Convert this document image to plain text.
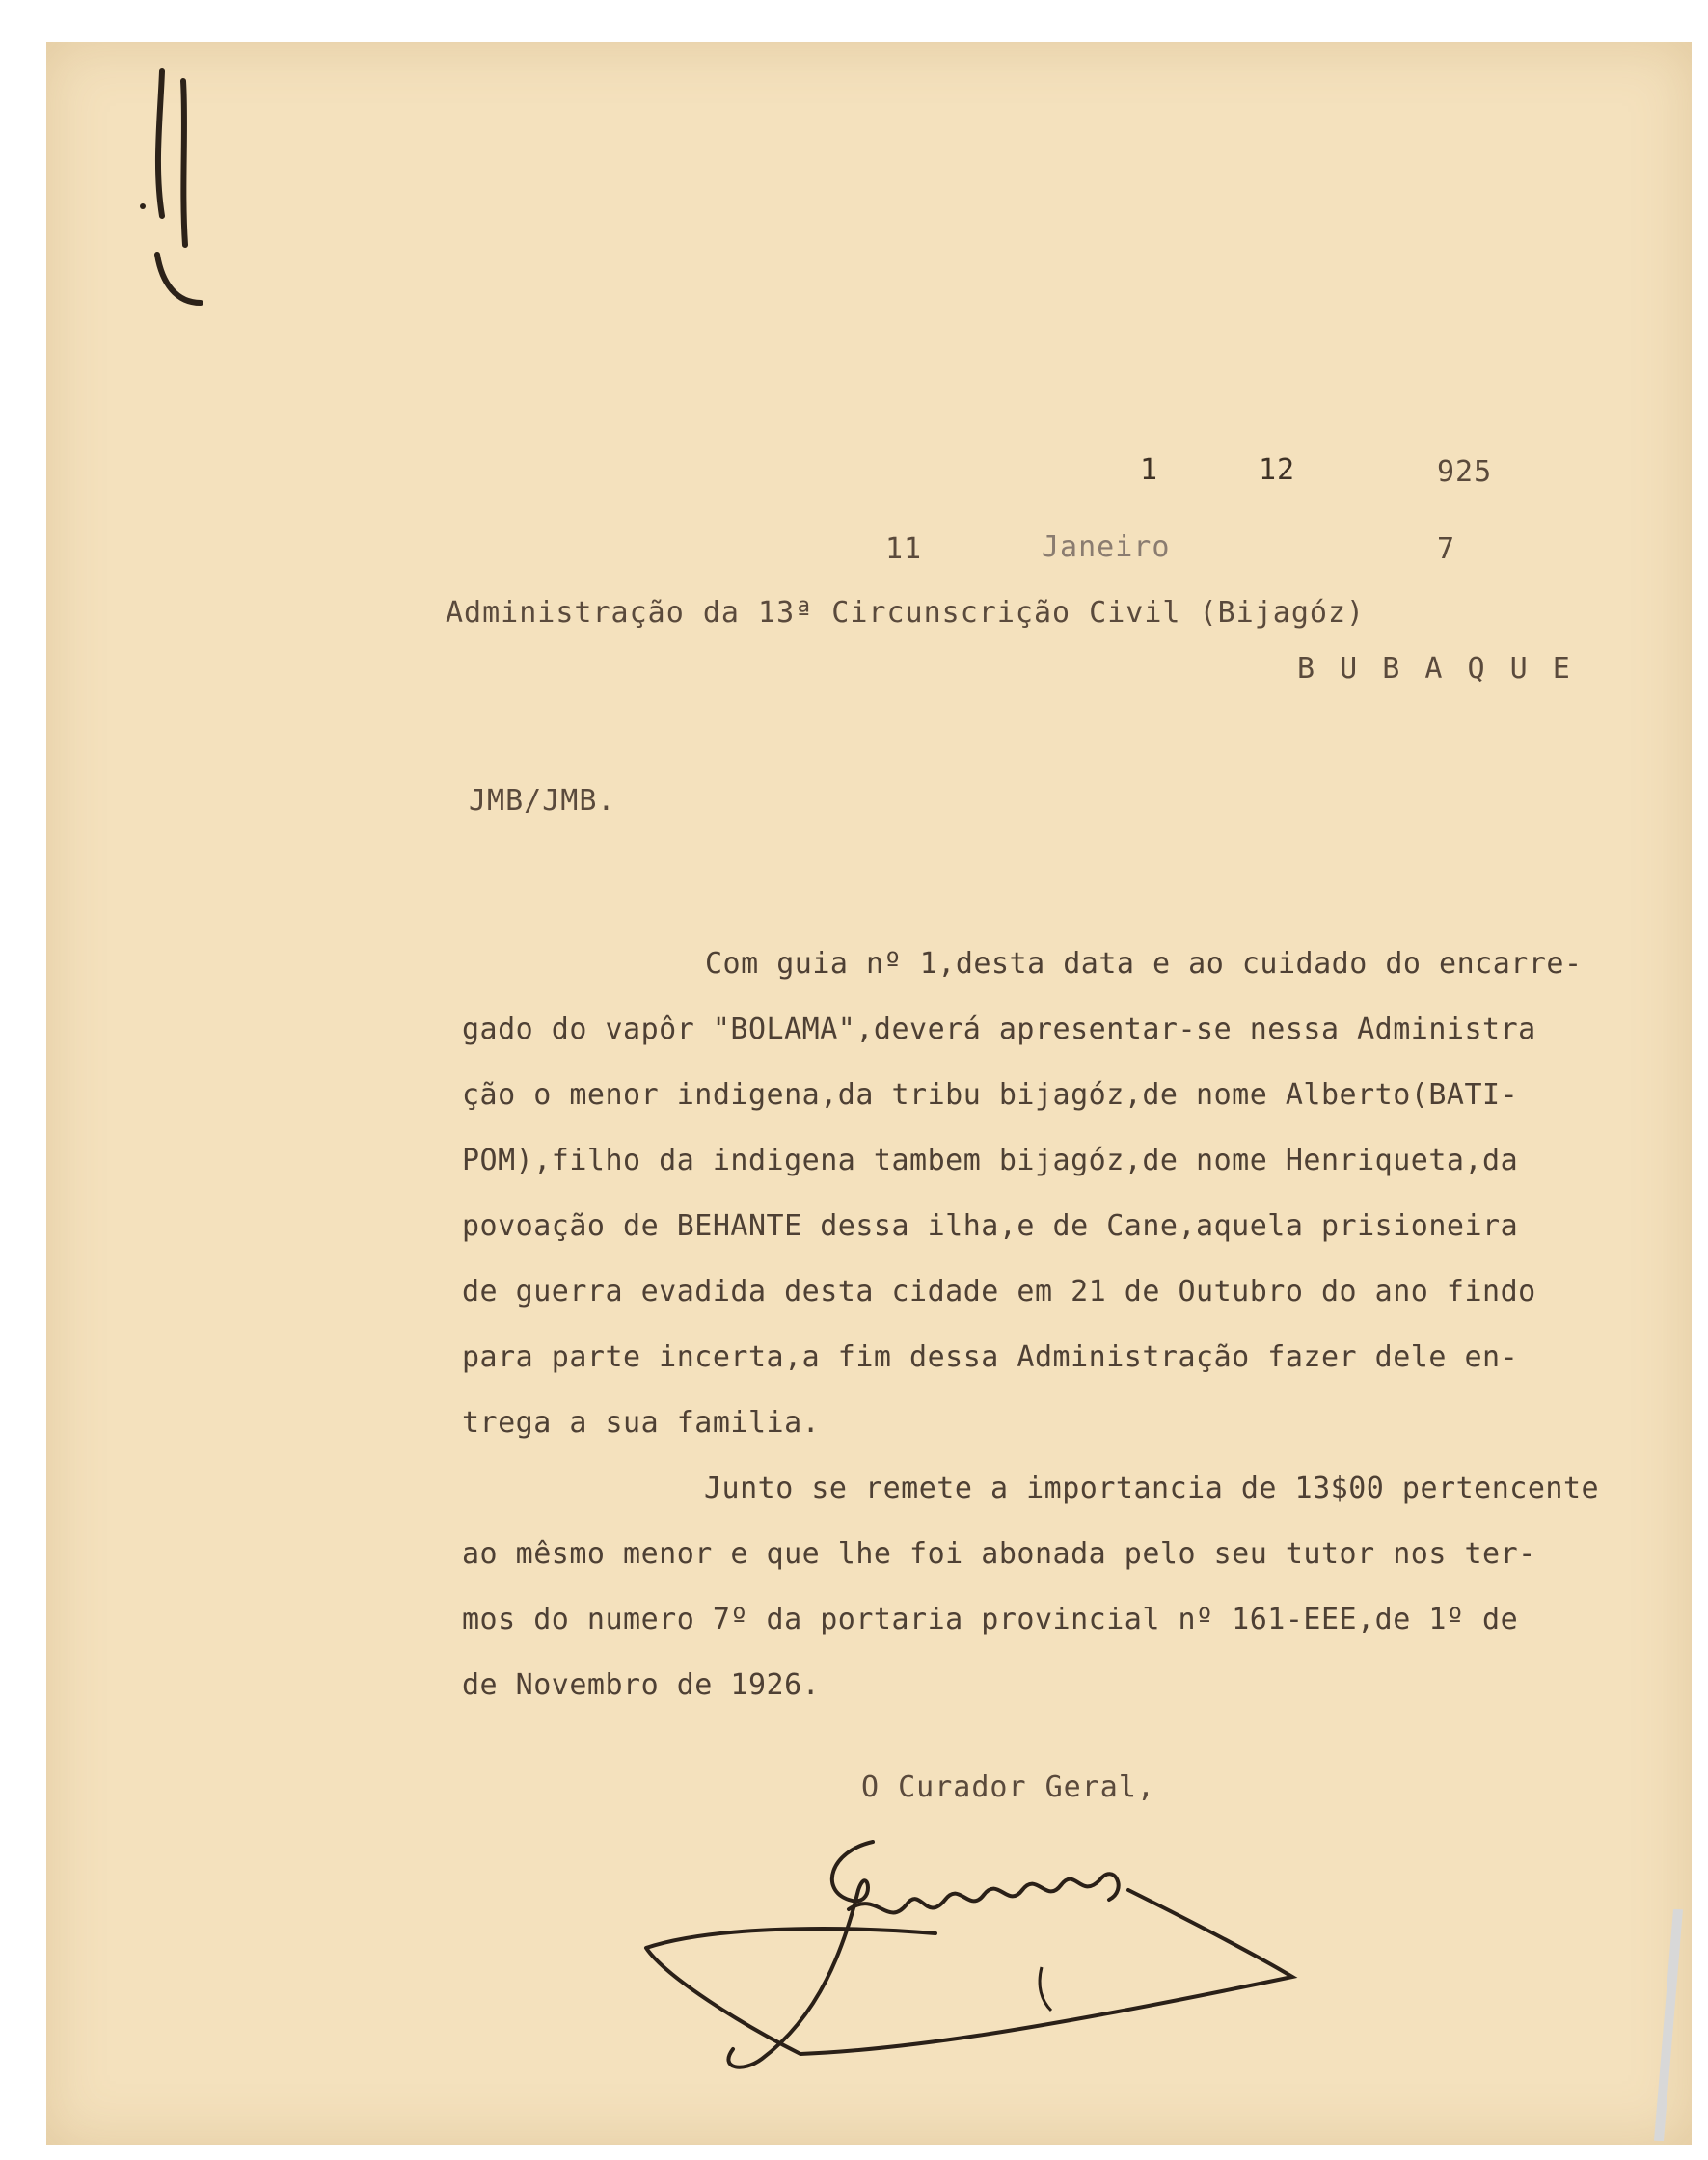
1	12	925
11	Janeiro	7
Administração da 13ª Circunscrição Civil (Bijagóz)
B U B A Q U E
JMB/JMB.
Com guia nº 1,desta data e ao cuidado do encarre-
gado do vapôr "BOLAMA",deverá apresentar-se nessa Administra
ção o menor indigena,da tribu bijagóz,de nome Alberto(BATI-
POM),filho da indigena tambem bijagóz,de nome Henriqueta,da
povoação de BEHANTE dessa ilha,e de Cane,aquela prisioneira
de guerra evadida desta cidade em 21 de Outubro do ano findo
para parte incerta,a fim dessa Administração fazer dele en-
trega a sua familia.
Junto se remete a importancia de 13$00 pertencente
ao mêsmo menor e que lhe foi abonada pelo seu tutor nos ter-
mos do numero 7º da portaria provincial nº 161-EEE,de 1º de
de Novembro de 1926.
O Curador Geral,
